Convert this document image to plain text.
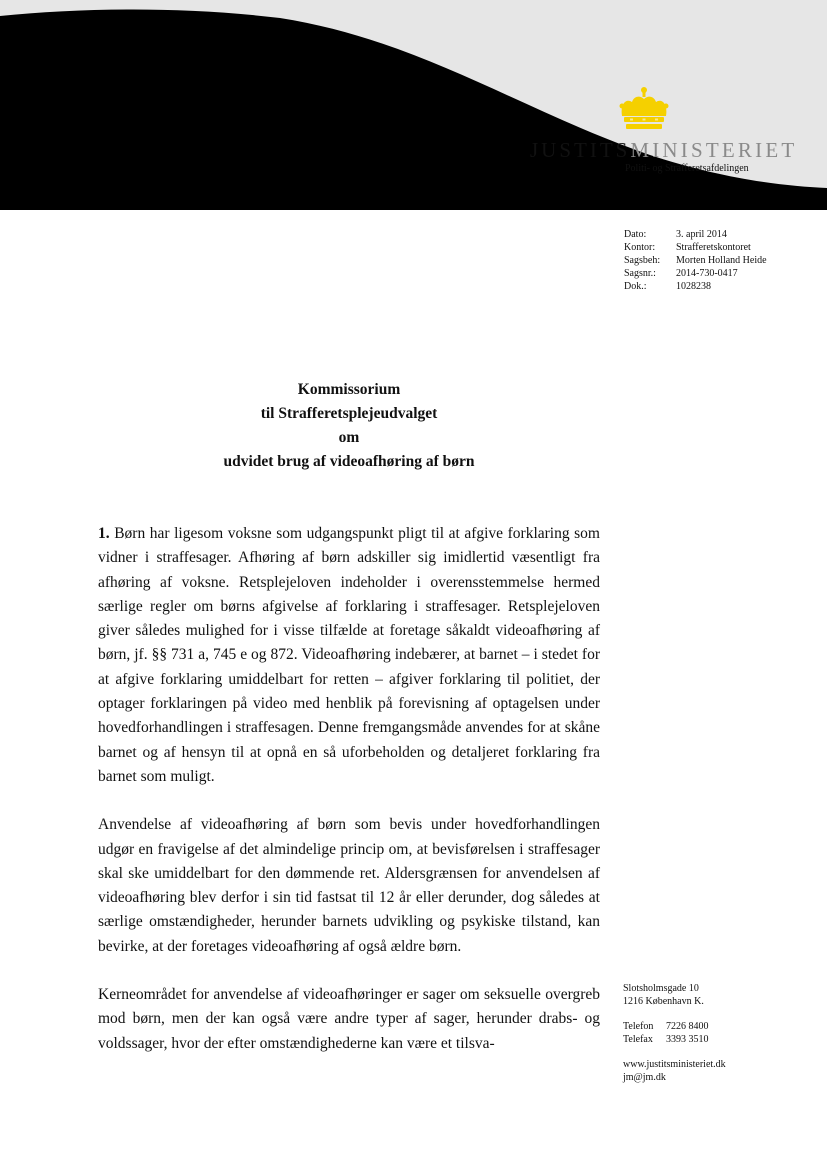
JUSTITSMINISTERIET
Politi- og Strafferetsafdelingen
Dato:	3. april 2014
Kontor:	Strafferetskontoret
Sagsbeh:	Morten Holland Heide
Sagsnr.:	2014-730-0417
Dok.:	1028238
Kommissorium
til Strafferetsplejeudvalget
om
udvidet brug af videoafhøring af børn

1. Børn har ligesom voksne som udgangspunkt pligt til at afgive forklaring som vidner i straffesager. Afhøring af børn adskiller sig imidlertid væsentligt fra afhøring af voksne. Retsplejeloven indeholder i overensstemmelse hermed særlige regler om børns afgivelse af forklaring i straffesager. Retsplejeloven giver således mulighed for i visse tilfælde at foretage såkaldt videoafhøring af børn, jf. §§ 731 a, 745 e og 872. Videoafhøring indebærer, at barnet – i stedet for at afgive forklaring umiddelbart for retten – afgiver forklaring til politiet, der optager forklaringen på video med henblik på forevisning af optagelsen under hovedforhandlingen i straffesagen. Denne fremgangsmåde anvendes for at skåne barnet og af hensyn til at opnå en så uforbeholden og detaljeret forklaring fra barnet som muligt.

Anvendelse af videoafhøring af børn som bevis under hovedforhandlingen udgør en fravigelse af det almindelige princip om, at bevisførelsen i straffesager skal ske umiddelbart for den dømmende ret. Aldersgrænsen for anvendelsen af videoafhøring blev derfor i sin tid fastsat til 12 år eller derunder, dog således at særlige omstændigheder, herunder barnets udvikling og psykiske tilstand, kan bevirke, at der foretages videoafhøring af også ældre børn.

Kerneområdet for anvendelse af videoafhøringer er sager om seksuelle overgreb mod børn, men der kan også være andre typer af sager, herunder drabs- og voldssager, hvor der efter omstændighederne kan være et tilsva-

Slotsholmsgade 10
1216 København K.
Telefon 7226 8400
Telefax 3393 3510
www.justitsministeriet.dk
jm@jm.dk
